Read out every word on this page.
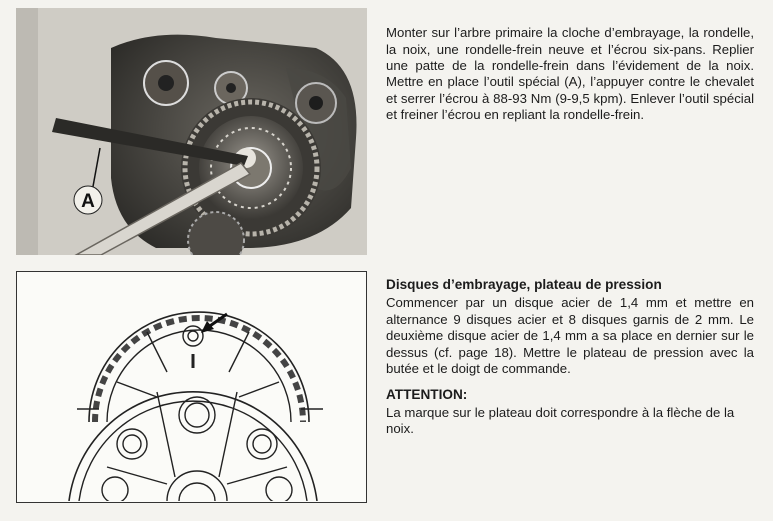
A

Monter sur l’arbre primaire la cloche d’embrayage, la rondelle, la noix, une rondelle-frein neuve et l’écrou six-pans. Replier une patte de la rondelle-frein dans l’évidement de la noix. Mettre en place l’outil spécial (A), l’appuyer contre le chevalet et serrer l’écrou à 88-93 Nm (9-9,5 kpm). Enlever l’outil spécial et freiner l’écrou en repliant la rondelle-frein.

Disques d’embrayage, plateau de pression

Commencer par un disque acier de 1,4 mm et mettre en alternance 9 disques acier et 8 disques garnis de 2 mm. Le deuxième disque acier de 1,4 mm a sa place en dernier sur le dessus (cf. page 18). Mettre le plateau de pression avec la butée et le doigt de commande.

ATTENTION:

La marque sur le plateau doit correspondre à la flèche de la noix.
